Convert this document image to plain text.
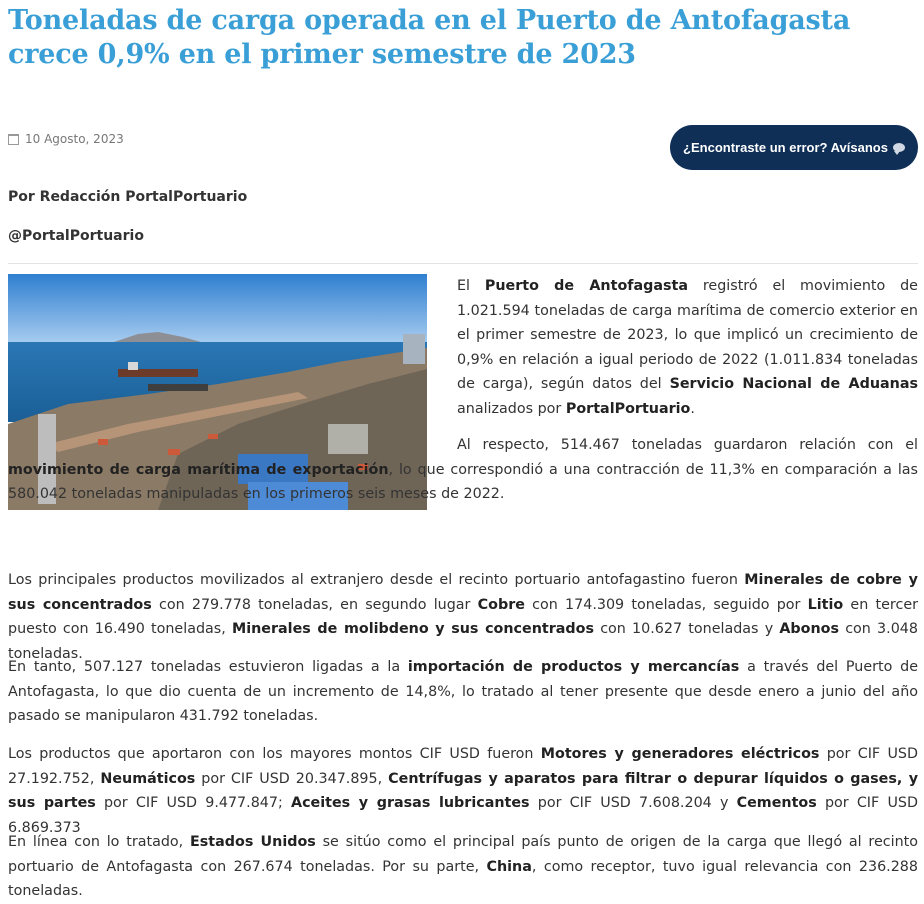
Toneladas de carga operada en el Puerto de Antofagasta crece 0,9% en el primer semestre de 2023
10 Agosto, 2023
¿Encontraste un error? Avísanos
Por Redacción PortalPortuario
@PortalPortuario

El Puerto de Antofagasta registró el movimiento de 1.021.594 toneladas de carga marítima de comercio exterior en el primer semestre de 2023, lo que implicó un crecimiento de 0,9% en relación a igual periodo de 2022 (1.011.834 toneladas de carga), según datos del Servicio Nacional de Aduanas analizados por PortalPortuario.

Al respecto, 514.467 toneladas guardaron relación con el movimiento de carga marítima de exportación, lo que correspondió a una contracción de 11,3% en comparación a las 580.042 toneladas manipuladas en los primeros seis meses de 2022.

Los principales productos movilizados al extranjero desde el recinto portuario antofagastino fueron Minerales de cobre y sus concentrados con 279.778 toneladas, en segundo lugar Cobre con 174.309 toneladas, seguido por Litio en tercer puesto con 16.490 toneladas, Minerales de molibdeno y sus concentrados con 10.627 toneladas y Abonos con 3.048 toneladas.

En tanto, 507.127 toneladas estuvieron ligadas a la importación de productos y mercancías a través del Puerto de Antofagasta, lo que dio cuenta de un incremento de 14,8%, lo tratado al tener presente que desde enero a junio del año pasado se manipularon 431.792 toneladas.

Los productos que aportaron con los mayores montos CIF USD fueron Motores y generadores eléctricos por CIF USD 27.192.752, Neumáticos por CIF USD 20.347.895, Centrífugas y aparatos para filtrar o depurar líquidos o gases, y sus partes por CIF USD 9.477.847; Aceites y grasas lubricantes por CIF USD 7.608.204 y Cementos por CIF USD 6.869.373

En línea con lo tratado, Estados Unidos se sitúo como el principal país punto de origen de la carga que llegó al recinto portuario de Antofagasta con 267.674 toneladas. Por su parte, China, como receptor, tuvo igual relevancia con 236.288 toneladas.
